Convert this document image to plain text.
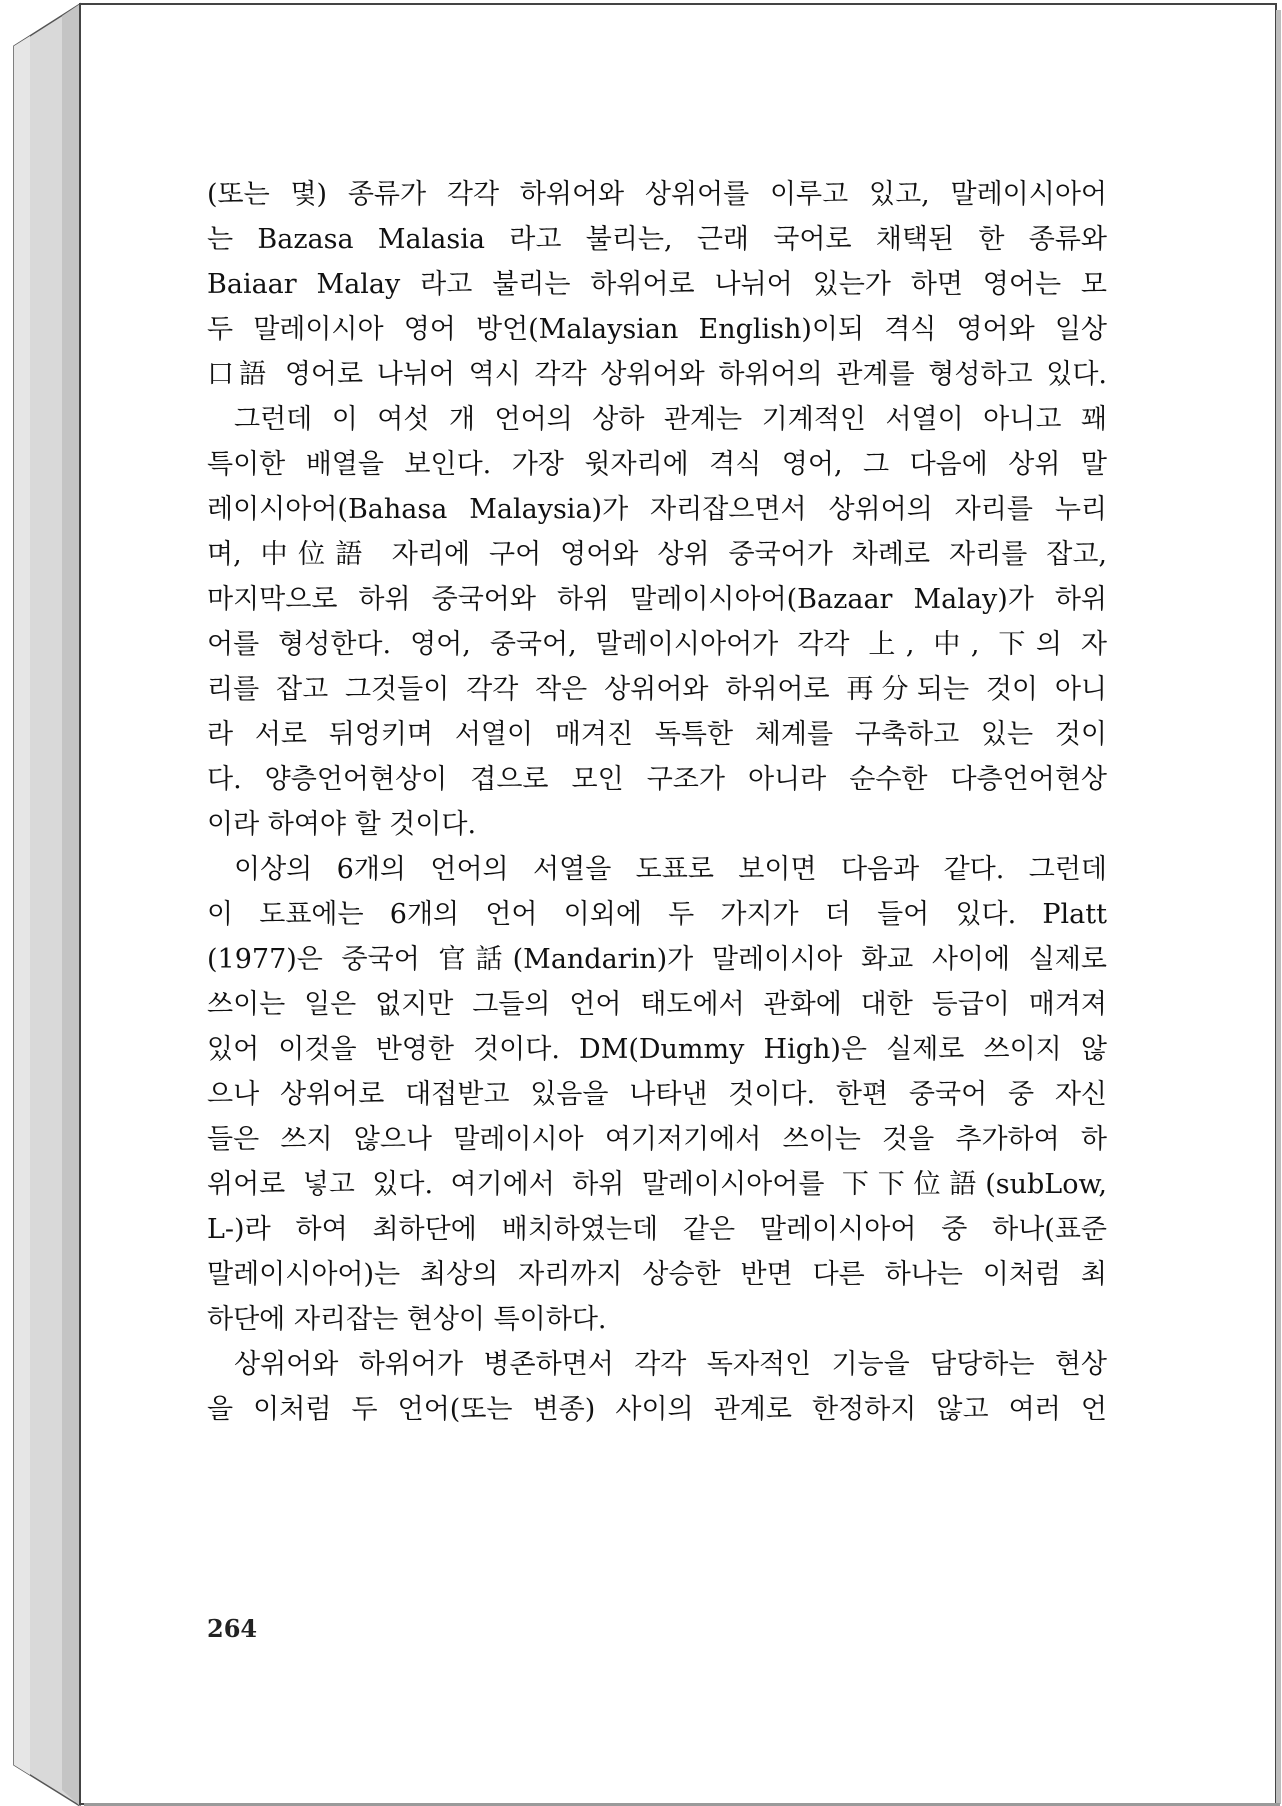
(또는 몇) 종류가 각각 하위어와 상위어를 이루고 있고, 말레이시아어
는 Bazasa Malasia 라고 불리는, 근래 국어로 채택된 한 종류와
Baiaar Malay 라고 불리는 하위어로 나뉘어 있는가 하면 영어는 모
두 말레이시아 영어 방언(Malaysian English)이되 격식 영어와 일상
口語 영어로 나뉘어 역시 각각 상위어와 하위어의 관계를 형성하고 있다.
그런데 이 여섯 개 언어의 상하 관계는 기계적인 서열이 아니고 꽤
특이한 배열을 보인다. 가장 윗자리에 격식 영어, 그 다음에 상위 말
레이시아어(Bahasa Malaysia)가 자리잡으면서 상위어의 자리를 누리
며, 中位語 자리에 구어 영어와 상위 중국어가 차례로 자리를 잡고,
마지막으로 하위 중국어와 하위 말레이시아어(Bazaar Malay)가 하위
어를 형성한다. 영어, 중국어, 말레이시아어가 각각 上, 中, 下의 자
리를 잡고 그것들이 각각 작은 상위어와 하위어로 再分되는 것이 아니
라 서로 뒤엉키며 서열이 매겨진 독특한 체계를 구축하고 있는 것이
다. 양층언어현상이 겹으로 모인 구조가 아니라 순수한 다층언어현상
이라 하여야 할 것이다.
이상의 6개의 언어의 서열을 도표로 보이면 다음과 같다. 그런데
이 도표에는 6개의 언어 이외에 두 가지가 더 들어 있다. Platt
(1977)은 중국어 官話(Mandarin)가 말레이시아 화교 사이에 실제로
쓰이는 일은 없지만 그들의 언어 태도에서 관화에 대한 등급이 매겨져
있어 이것을 반영한 것이다. DM(Dummy High)은 실제로 쓰이지 않
으나 상위어로 대접받고 있음을 나타낸 것이다. 한편 중국어 중 자신
들은 쓰지 않으나 말레이시아 여기저기에서 쓰이는 것을 추가하여 하
위어로 넣고 있다. 여기에서 하위 말레이시아어를 下下位語(subLow,
L-)라 하여 최하단에 배치하였는데 같은 말레이시아어 중 하나(표준
말레이시아어)는 최상의 자리까지 상승한 반면 다른 하나는 이처럼 최
하단에 자리잡는 현상이 특이하다.
상위어와 하위어가 병존하면서 각각 독자적인 기능을 담당하는 현상
을 이처럼 두 언어(또는 변종) 사이의 관계로 한정하지 않고 여러 언
264
